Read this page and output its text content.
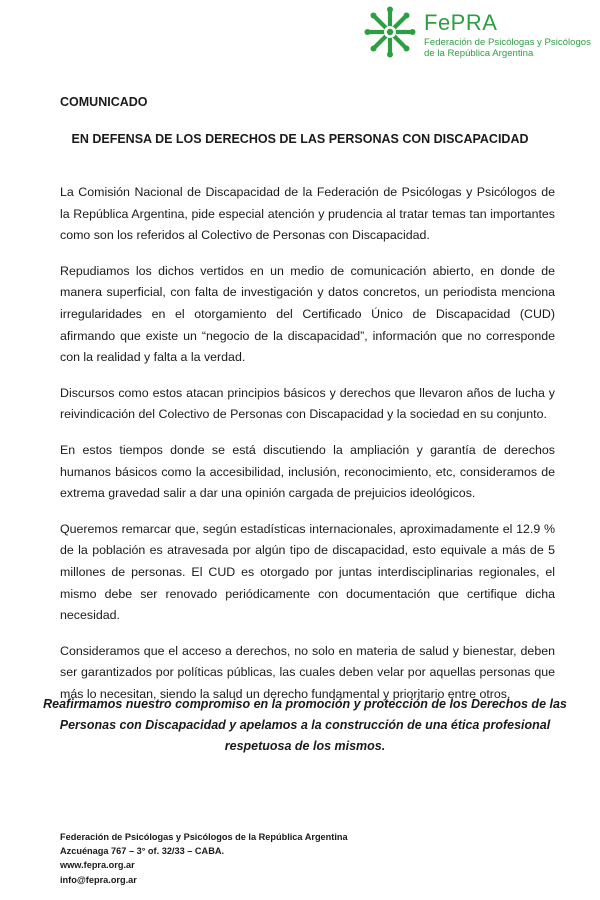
FePRA
Federación de Psicólogas y Psicólogos de la República Argentina
COMUNICADO
EN DEFENSA DE LOS DERECHOS DE LAS PERSONAS CON DISCAPACIDAD

La Comisión Nacional de Discapacidad de la Federación de Psicólogas y Psicólogos de la República Argentina, pide especial atención y prudencia al tratar temas tan importantes como son los referidos al Colectivo de Personas con Discapacidad.

Repudiamos los dichos vertidos en un medio de comunicación abierto, en donde de manera superficial, con falta de investigación y datos concretos, un periodista menciona irregularidades en el otorgamiento del Certificado Único de Discapacidad (CUD) afirmando que existe un “negocio de la discapacidad”, información que no corresponde con la realidad y falta a la verdad.

Discursos como estos atacan principios básicos y derechos que llevaron años de lucha y reivindicación del Colectivo de Personas con Discapacidad y la sociedad en su conjunto.

En estos tiempos donde se está discutiendo la ampliación y garantía de derechos humanos básicos como la accesibilidad, inclusión, reconocimiento, etc, consideramos de extrema gravedad salir a dar una opinión cargada de prejuicios ideológicos.

Queremos remarcar que, según estadísticas internacionales, aproximadamente el 12.9 % de la población es atravesada por algún tipo de discapacidad, esto equivale a más de 5 millones de personas. El CUD es otorgado por juntas interdisciplinarias regionales, el mismo debe ser renovado periódicamente con documentación que certifique dicha necesidad.

Consideramos que el acceso a derechos, no solo en materia de salud y bienestar, deben ser garantizados por políticas públicas, las cuales deben velar por aquellas personas que más lo necesitan, siendo la salud un derecho fundamental y prioritario entre otros.

Reafirmamos nuestro compromiso en la promoción y protección de los Derechos de las Personas con Discapacidad y apelamos a la construcción de una ética profesional respetuosa de los mismos.
Federación de Psicólogas y Psicólogos de la República Argentina
Azcuénaga 767 – 3° of. 32/33 – CABA.
www.fepra.org.ar
info@fepra.org.ar
